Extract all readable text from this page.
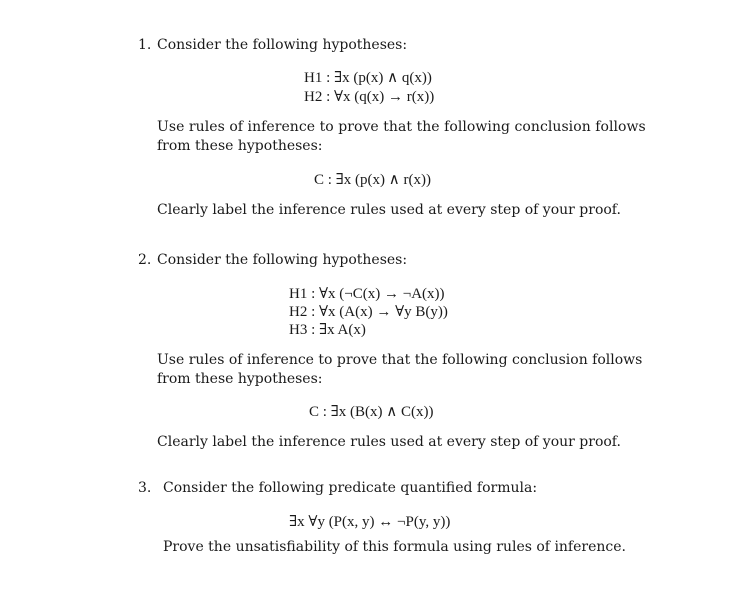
1. Consider the following hypotheses:
H1 : ∃x (p(x) ∧ q(x))
H2 : ∀x (q(x) → r(x))
Use rules of inference to prove that the following conclusion follows
from these hypotheses:
C : ∃x (p(x) ∧ r(x))
Clearly label the inference rules used at every step of your proof.
2. Consider the following hypotheses:
H1 : ∀x (¬C(x) → ¬A(x))
H2 : ∀x (A(x) → ∀y B(y))
H3 : ∃x A(x)
Use rules of inference to prove that the following conclusion follows
from these hypotheses:
C : ∃x (B(x) ∧ C(x))
Clearly label the inference rules used at every step of your proof.
3. Consider the following predicate quantified formula:
∃x ∀y (P(x, y) ↔ ¬P(y, y))
Prove the unsatisfiability of this formula using rules of inference.
